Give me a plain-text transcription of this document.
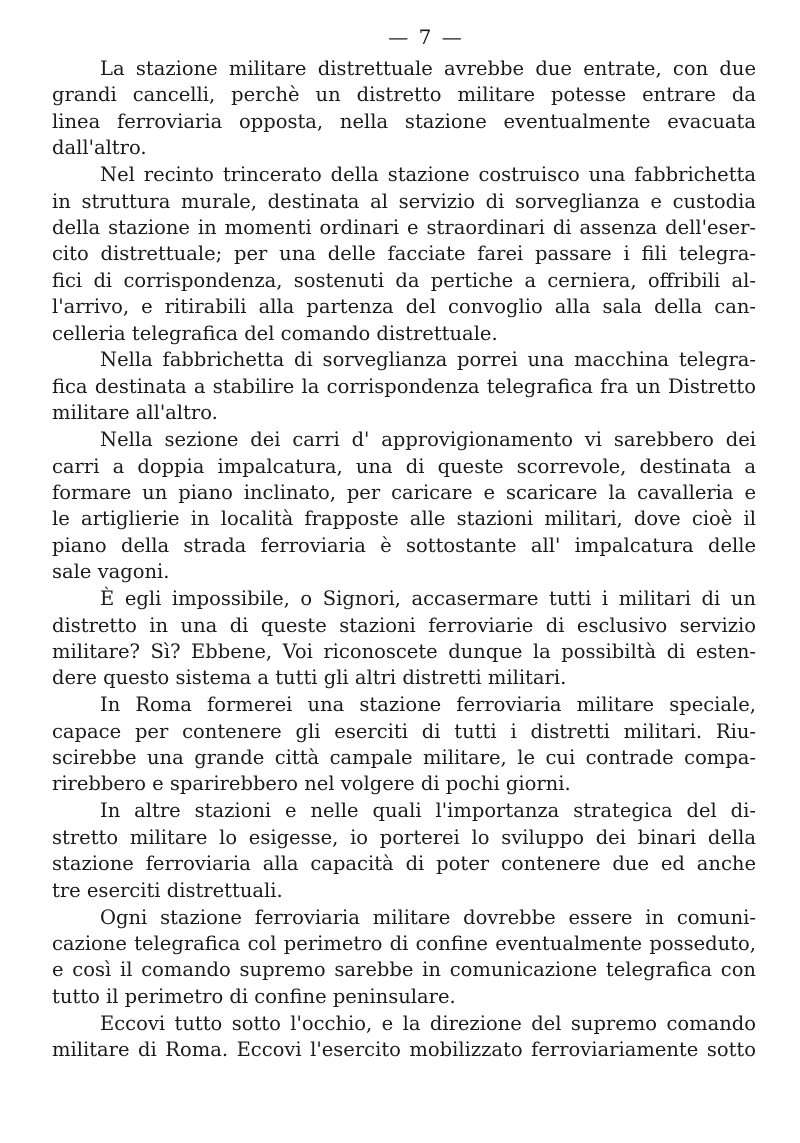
— 7 —

La stazione militare distrettuale avrebbe due entrate, con due
grandi cancelli, perchè un distretto militare potesse entrare da
linea ferroviaria opposta, nella stazione eventualmente evacuata
dall'altro.

Nel recinto trincerato della stazione costruisco una fabbrichetta
in struttura murale, destinata al servizio di sorveglianza e custodia
della stazione in momenti ordinari e straordinari di assenza dell'eser-
cito distrettuale; per una delle facciate farei passare i fili telegra-
fici di corrispondenza, sostenuti da pertiche a cerniera, offribili al-
l'arrivo, e ritirabili alla partenza del convoglio alla sala della can-
celleria telegrafica del comando distrettuale.

Nella fabbrichetta di sorveglianza porrei una macchina telegra-
fica destinata a stabilire la corrispondenza telegrafica fra un Distretto
militare all'altro.

Nella sezione dei carri d' approvigionamento vi sarebbero dei
carri a doppia impalcatura, una di queste scorrevole, destinata a
formare un piano inclinato, per caricare e scaricare la cavalleria e
le artiglierie in località frapposte alle stazioni militari, dove cioè il
piano della strada ferroviaria è sottostante all' impalcatura delle
sale vagoni.

È egli impossibile, o Signori, accasermare tutti i militari di un
distretto in una di queste stazioni ferroviarie di esclusivo servizio
militare? Sì? Ebbene, Voi riconoscete dunque la possibiltà di esten-
dere questo sistema a tutti gli altri distretti militari.

In Roma formerei una stazione ferroviaria militare speciale,
capace per contenere gli eserciti di tutti i distretti militari. Riu-
scirebbe una grande città campale militare, le cui contrade compa-
rirebbero e sparirebbero nel volgere di pochi giorni.

In altre stazioni e nelle quali l'importanza strategica del di-
stretto militare lo esigesse, io porterei lo sviluppo dei binari della
stazione ferroviaria alla capacità di poter contenere due ed anche
tre eserciti distrettuali.

Ogni stazione ferroviaria militare dovrebbe essere in comuni-
cazione telegrafica col perimetro di confine eventualmente posseduto,
e così il comando supremo sarebbe in comunicazione telegrafica con
tutto il perimetro di confine peninsulare.

Eccovi tutto sotto l'occhio, e la direzione del supremo comando
militare di Roma. Eccovi l'esercito mobilizzato ferroviariamente sotto
